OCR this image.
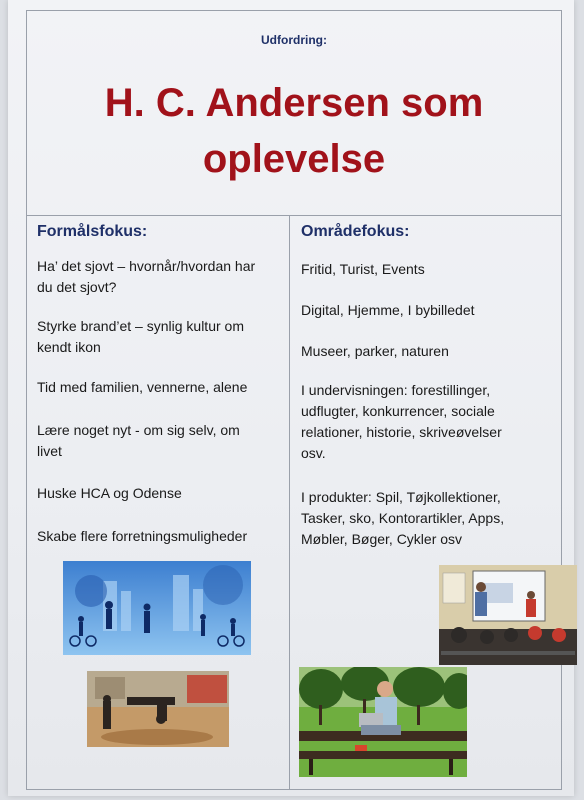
Udfordring:
H. C. Andersen som
oplevelse
Formålsfokus:
Ha’ det sjovt – hvornår/hvordan har
du det sjovt?
Styrke brand’et – synlig kultur om
kendt ikon
Tid med familien, vennerne, alene
Lære noget nyt - om sig selv, om
livet
Huske HCA og Odense
Skabe flere forretningsmuligheder
Områdefokus:
Fritid, Turist, Events
Digital, Hjemme, I bybilledet
Museer, parker, naturen
I undervisningen: forestillinger,
udflugter, konkurrencer, sociale
relationer, historie, skriveøvelser
osv.
I produkter: Spil, Tøjkollektioner,
Tasker, sko, Kontorartikler, Apps,
Møbler, Bøger, Cykler osv
